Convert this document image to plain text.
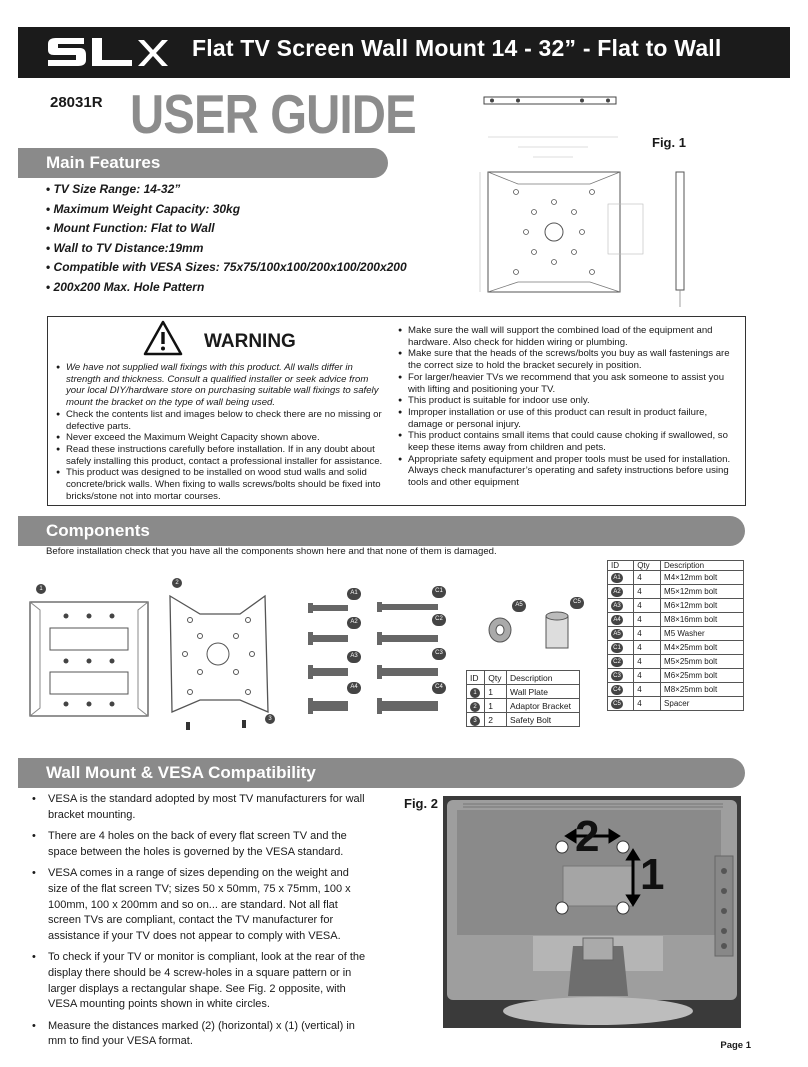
Flat TV Screen Wall Mount 14 - 32” - Flat to Wall
28031R USER GUIDE
Main Features
• TV Size Range: 14-32”
• Maximum Weight Capacity: 30kg
• Mount Function: Flat to Wall
• Wall to TV Distance:19mm
• Compatible with VESA Sizes: 75x75/100x100/200x100/200x200
• 200x200 Max. Hole Pattern
Fig. 1
WARNING
● We have not supplied wall fixings with this product. All walls differ in strength and thickness. Consult a qualified installer or seek advice from your local DIY/hardware store on purchasing suitable wall fixings to safely mount the bracket on the type of wall being used.
● Check the contents list and images below to check there are no missing or defective parts.
● Never exceed the Maximum Weight Capacity shown above.
● Read these instructions carefully before installation. If in any doubt about safely installing this product, contact a professional installer for assistance.
● This product was designed to be installed on wood stud walls and solid concrete/brick walls. When fixing to walls screws/bolts should be fixed into bricks/stone not into mortar courses.
● Make sure the wall will support the combined load of the equipment and hardware. Also check for hidden wiring or plumbing.
● Make sure that the heads of the screws/bolts you buy as wall fastenings are the correct size to hold the bracket securely in position.
● For larger/heavier TVs we recommend that you ask someone to assist you with lifting and positioning your TV.
● This product is suitable for indoor use only.
● Improper installation or use of this product can result in product failure, damage or personal injury.
● This product contains small items that could cause choking if swallowed, so keep these items away from children and pets.
● Appropriate safety equipment and proper tools must be used for installation. Always check manufacturer’s operating and safety instructions before using tools and other equipment
Components
Before installation check that you have all the components shown here and that none of them is damaged.
1
2
3
A1
A2
A3
A4
A5
C1
C2
C3
C4
C5
ID	Qty	Description
1	1	Wall Plate
2	1	Adaptor Bracket
3	2	Safety Bolt
ID	Qty	Description
A1	4	M4×12mm bolt
A2	4	M5×12mm bolt
A3	4	M6×12mm bolt
A4	4	M8×16mm bolt
A5	4	M5 Washer
C1	4	M4×25mm bolt
C2	4	M5×25mm bolt
C3	4	M6×25mm bolt
C4	4	M8×25mm bolt
C5	4	Spacer
Wall Mount & VESA Compatibility
• VESA is the standard adopted by most TV manufacturers for wall bracket mounting.
• There are 4 holes on the back of every flat screen TV and the space between the holes is governed by the VESA standard.
• VESA comes in a range of sizes depending on the weight and size of the flat screen TV; sizes 50 x 50mm, 75 x 75mm, 100 x 100mm, 100 x 200mm and so on... are standard. Not all flat screen TVs are compliant, contact the TV manufacturer for assistance if your TV does not appear to comply with VESA.
• To check if your TV or monitor is compliant, look at the rear of the display there should be 4 screw-holes in a square pattern or in larger displays a rectangular shape. See Fig. 2 opposite, with VESA mounting points shown in white circles.
• Measure the distances marked (2) (horizontal) x (1) (vertical) in mm to find your VESA format.
Fig. 2
2
1
Page 1
